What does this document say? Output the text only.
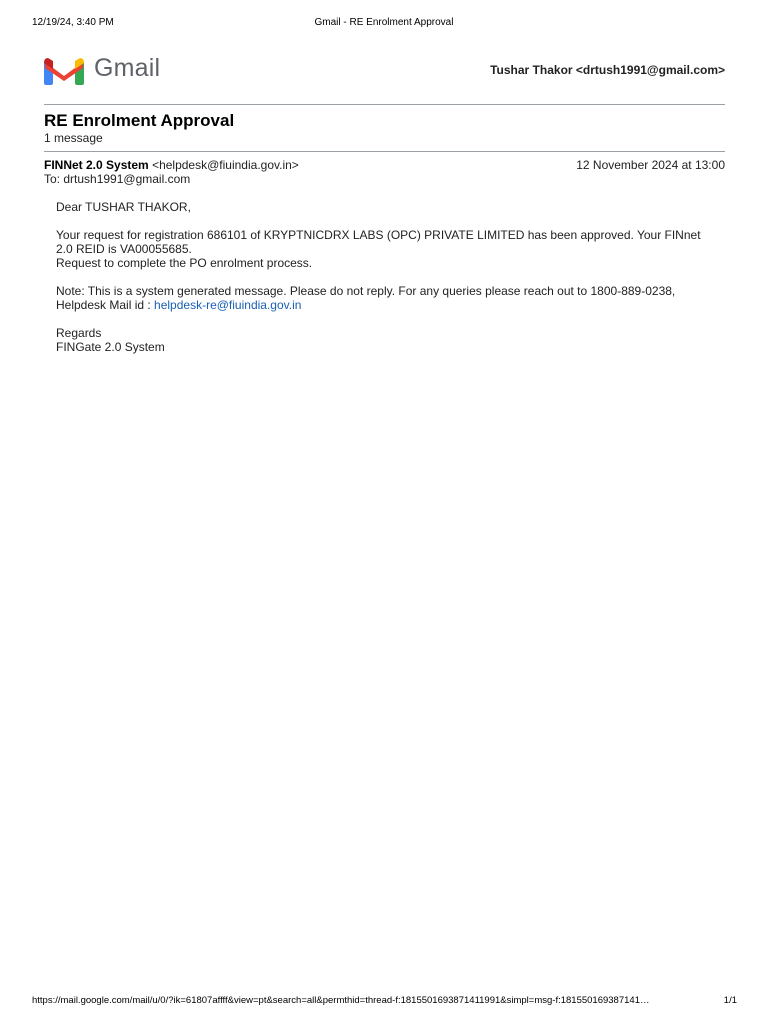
12/19/24, 3:40 PM	Gmail - RE Enrolment Approval
Gmail	Tushar Thakor <drtush1991@gmail.com>
RE Enrolment Approval
1 message
FINNet 2.0 System <helpdesk@fiuindia.gov.in>	12 November 2024 at 13:00
To: drtush1991@gmail.com

Dear TUSHAR THAKOR,

Your request for registration 686101 of KRYPTNICDRX LABS (OPC) PRIVATE LIMITED has been approved. Your FINnet 2.0 REID is VA00055685.

Request to complete the PO enrolment process.

Note: This is a system generated message. Please do not reply. For any queries please reach out to 1800-889-0238, Helpdesk Mail id : helpdesk-re@fiuindia.gov.in

Regards

FINGate 2.0 System

https://mail.google.com/mail/u/0/?ik=61807affff&view=pt&search=all&permthid=thread-f:1815501693871411991&simpl=msg-f:181550169387141…	1/1
